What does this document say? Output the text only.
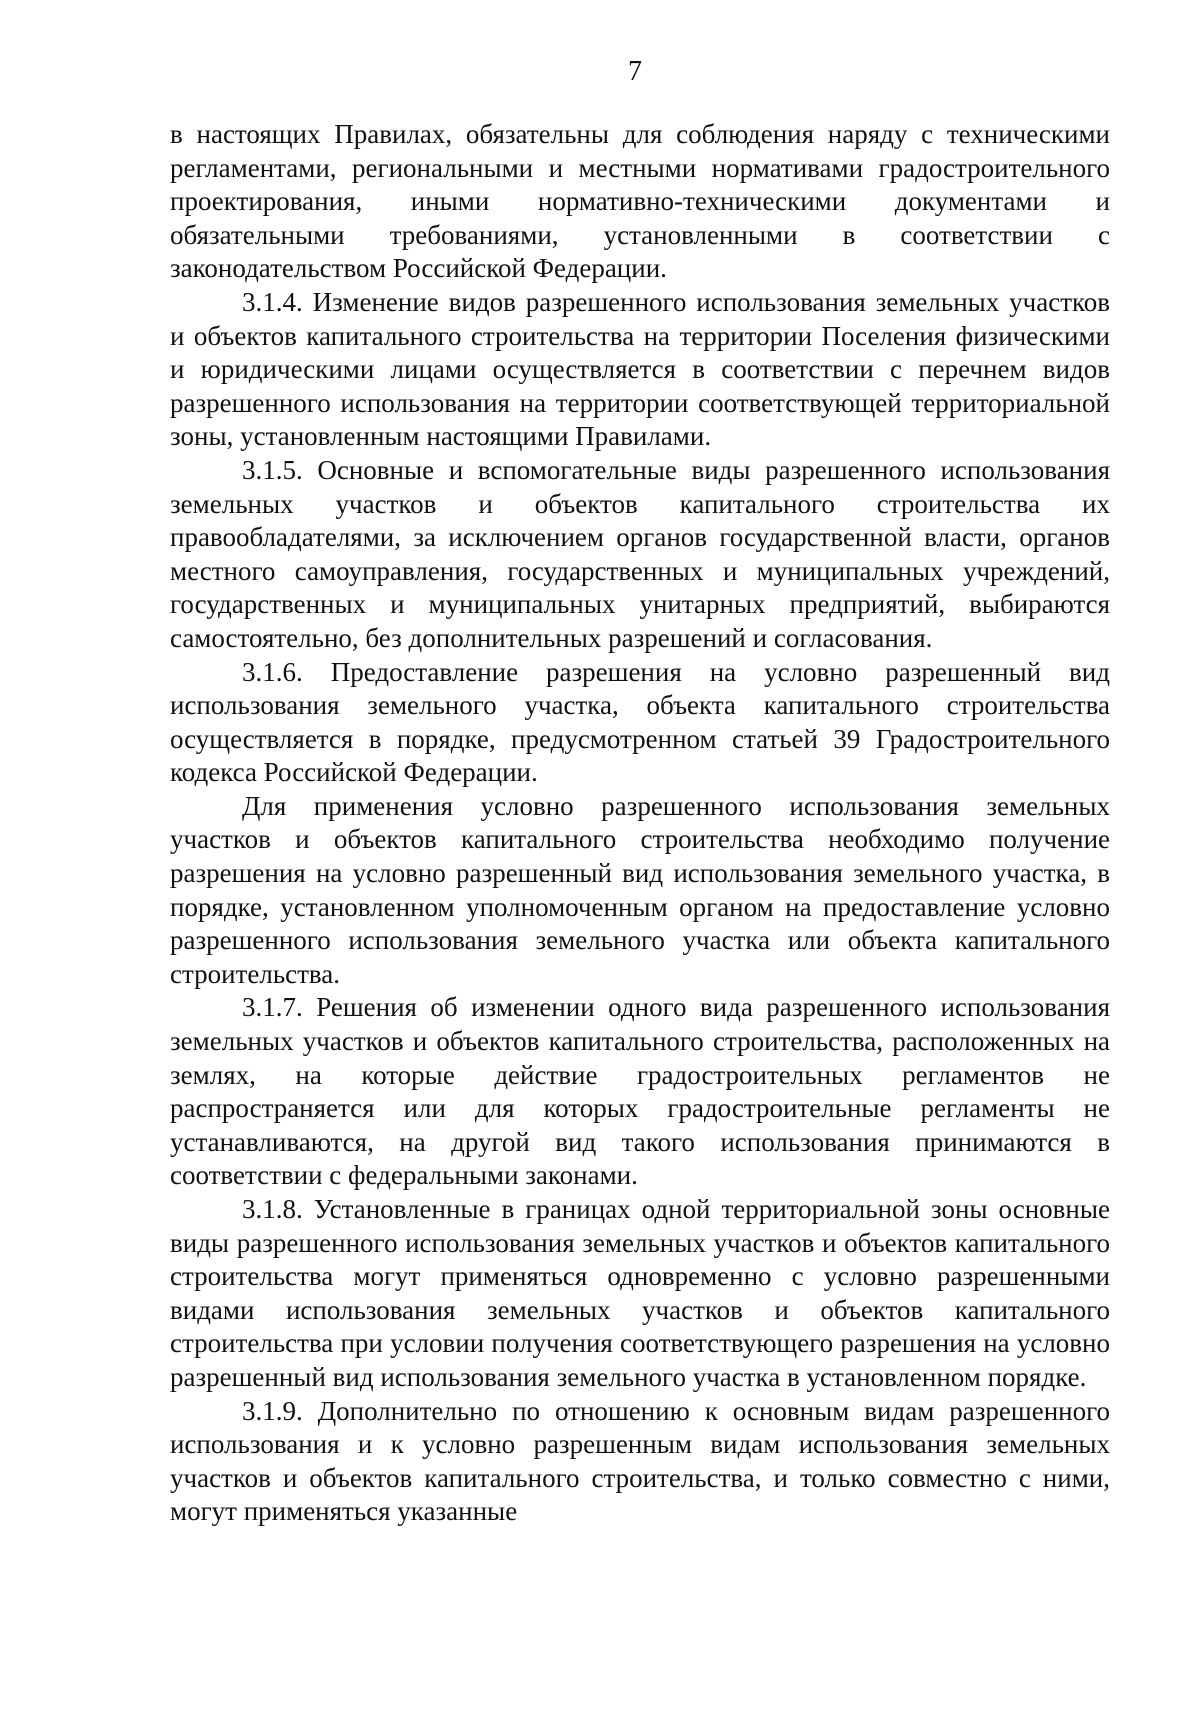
7

в настоящих Правилах, обязательны для соблюдения наряду с техническими регламентами, региональными и местными нормативами градостроительного проектирования, иными нормативно-техническими документами и обязательными требованиями, установленными в соответствии с законодательством Российской Федерации.

3.1.4. Изменение видов разрешенного использования земельных участков и объектов капитального строительства на территории Поселения физическими и юридическими лицами осуществляется в соответствии с перечнем видов разрешенного использования на территории соответствующей территориальной зоны, установленным настоящими Правилами.

3.1.5. Основные и вспомогательные виды разрешенного использования земельных участков и объектов капитального строительства их правообладателями, за исключением органов государственной власти, органов местного самоуправления, государственных и муниципальных учреждений, государственных и муниципальных унитарных предприятий, выбираются самостоятельно, без дополнительных разрешений и согласования.

3.1.6. Предоставление разрешения на условно разрешенный вид использования земельного участка, объекта капитального строительства осуществляется в порядке, предусмотренном статьей 39 Градостроительного кодекса Российской Федерации.

Для применения условно разрешенного использования земельных участков и объектов капитального строительства необходимо получение разрешения на условно разрешенный вид использования земельного участка, в порядке, установленном уполномоченным органом на предоставление условно разрешенного использования земельного участка или объекта капитального строительства.

3.1.7. Решения об изменении одного вида разрешенного использования земельных участков и объектов капитального строительства, расположенных на землях, на которые действие градостроительных регламентов не распространяется или для которых градостроительные регламенты не устанавливаются, на другой вид такого использования принимаются в соответствии с федеральными законами.

3.1.8. Установленные в границах одной территориальной зоны основные виды разрешенного использования земельных участков и объектов капитального строительства могут применяться одновременно с условно разрешенными видами использования земельных участков и объектов капитального строительства при условии получения соответствующего разрешения на условно разрешенный вид использования земельного участка в установленном порядке.

3.1.9. Дополнительно по отношению к основным видам разрешенного использования и к условно разрешенным видам использования земельных участков и объектов капитального строительства, и только совместно с ними, могут применяться указанные
